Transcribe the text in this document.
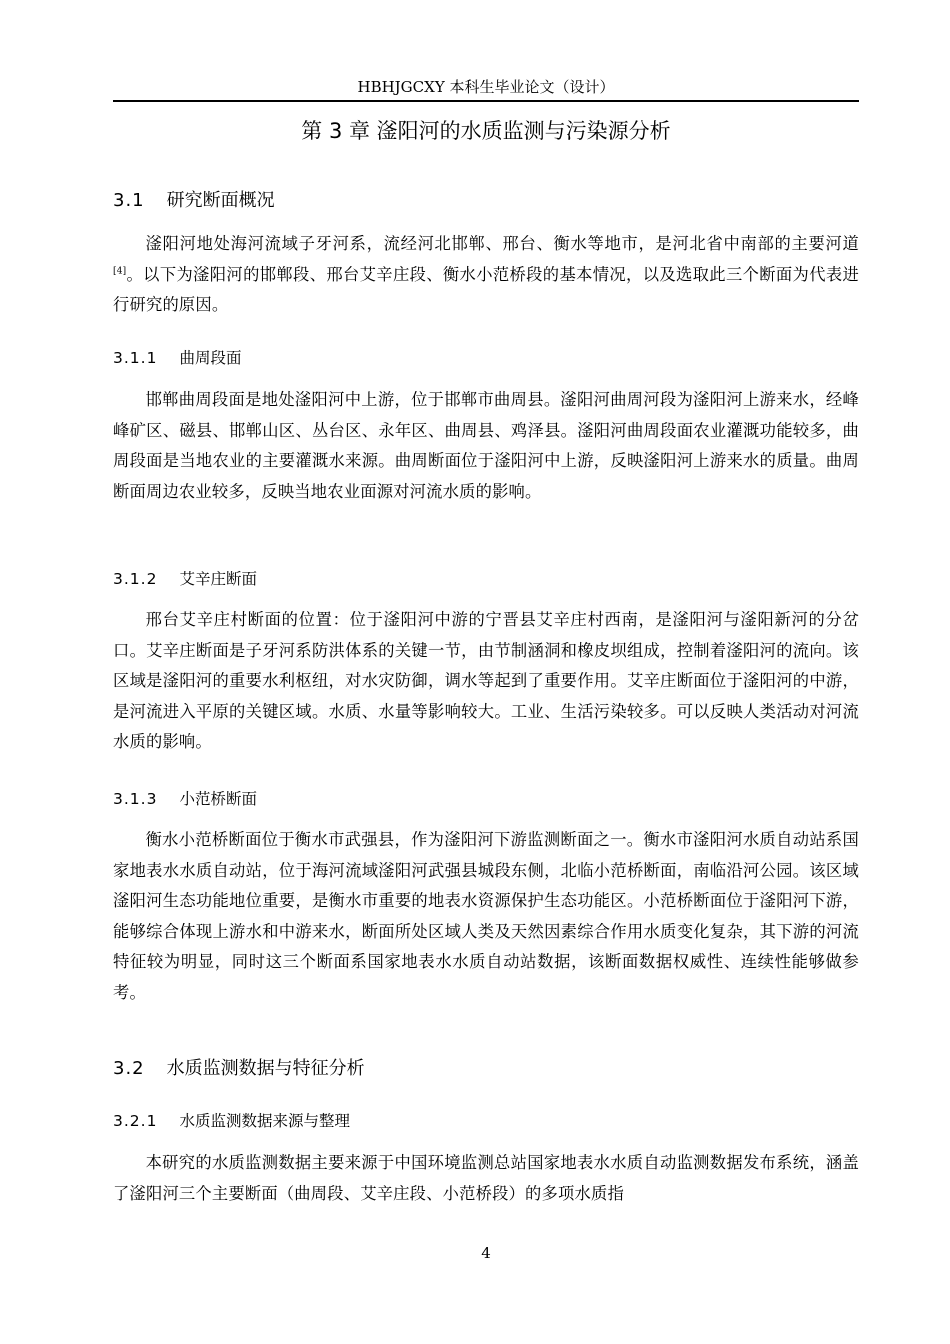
HBHJGCXY 本科生毕业论文（设计）
第 3 章 滏阳河的水质监测与污染源分析

3.1 研究断面概况

滏阳河地处海河流域子牙河系，流经河北邯郸、邢台、衡水等地市，是河北省中南部的主要河道[4]。以下为滏阳河的邯郸段、邢台艾辛庄段、衡水小范桥段的基本情况，以及选取此三个断面为代表进行研究的原因。

3.1.1 曲周段面

邯郸曲周段面是地处滏阳河中上游，位于邯郸市曲周县。滏阳河曲周河段为滏阳河上游来水，经峰峰矿区、磁县、邯郸山区、丛台区、永年区、曲周县、鸡泽县。滏阳河曲周段面农业灌溉功能较多，曲周段面是当地农业的主要灌溉水来源。曲周断面位于滏阳河中上游，反映滏阳河上游来水的质量。曲周断面周边农业较多，反映当地农业面源对河流水质的影响。

3.1.2 艾辛庄断面

邢台艾辛庄村断面的位置：位于滏阳河中游的宁晋县艾辛庄村西南，是滏阳河与滏阳新河的分岔口。艾辛庄断面是子牙河系防洪体系的关键一节，由节制涵洞和橡皮坝组成，控制着滏阳河的流向。该区域是滏阳河的重要水利枢纽，对水灾防御，调水等起到了重要作用。艾辛庄断面位于滏阳河的中游，是河流进入平原的关键区域。水质、水量等影响较大。工业、生活污染较多。可以反映人类活动对河流水质的影响。

3.1.3 小范桥断面

衡水小范桥断面位于衡水市武强县，作为滏阳河下游监测断面之一。衡水市滏阳河水质自动站系国家地表水水质自动站，位于海河流域滏阳河武强县城段东侧，北临小范桥断面，南临沿河公园。该区域滏阳河生态功能地位重要，是衡水市重要的地表水资源保护生态功能区。小范桥断面位于滏阳河下游，能够综合体现上游水和中游来水，断面所处区域人类及天然因素综合作用水质变化复杂，其下游的河流特征较为明显，同时这三个断面系国家地表水水质自动站数据，该断面数据权威性、连续性能够做参考。

3.2 水质监测数据与特征分析

3.2.1 水质监测数据来源与整理

本研究的水质监测数据主要来源于中国环境监测总站国家地表水水质自动监测数据发布系统，涵盖了滏阳河三个主要断面（曲周段、艾辛庄段、小范桥段）的多项水质指

4
